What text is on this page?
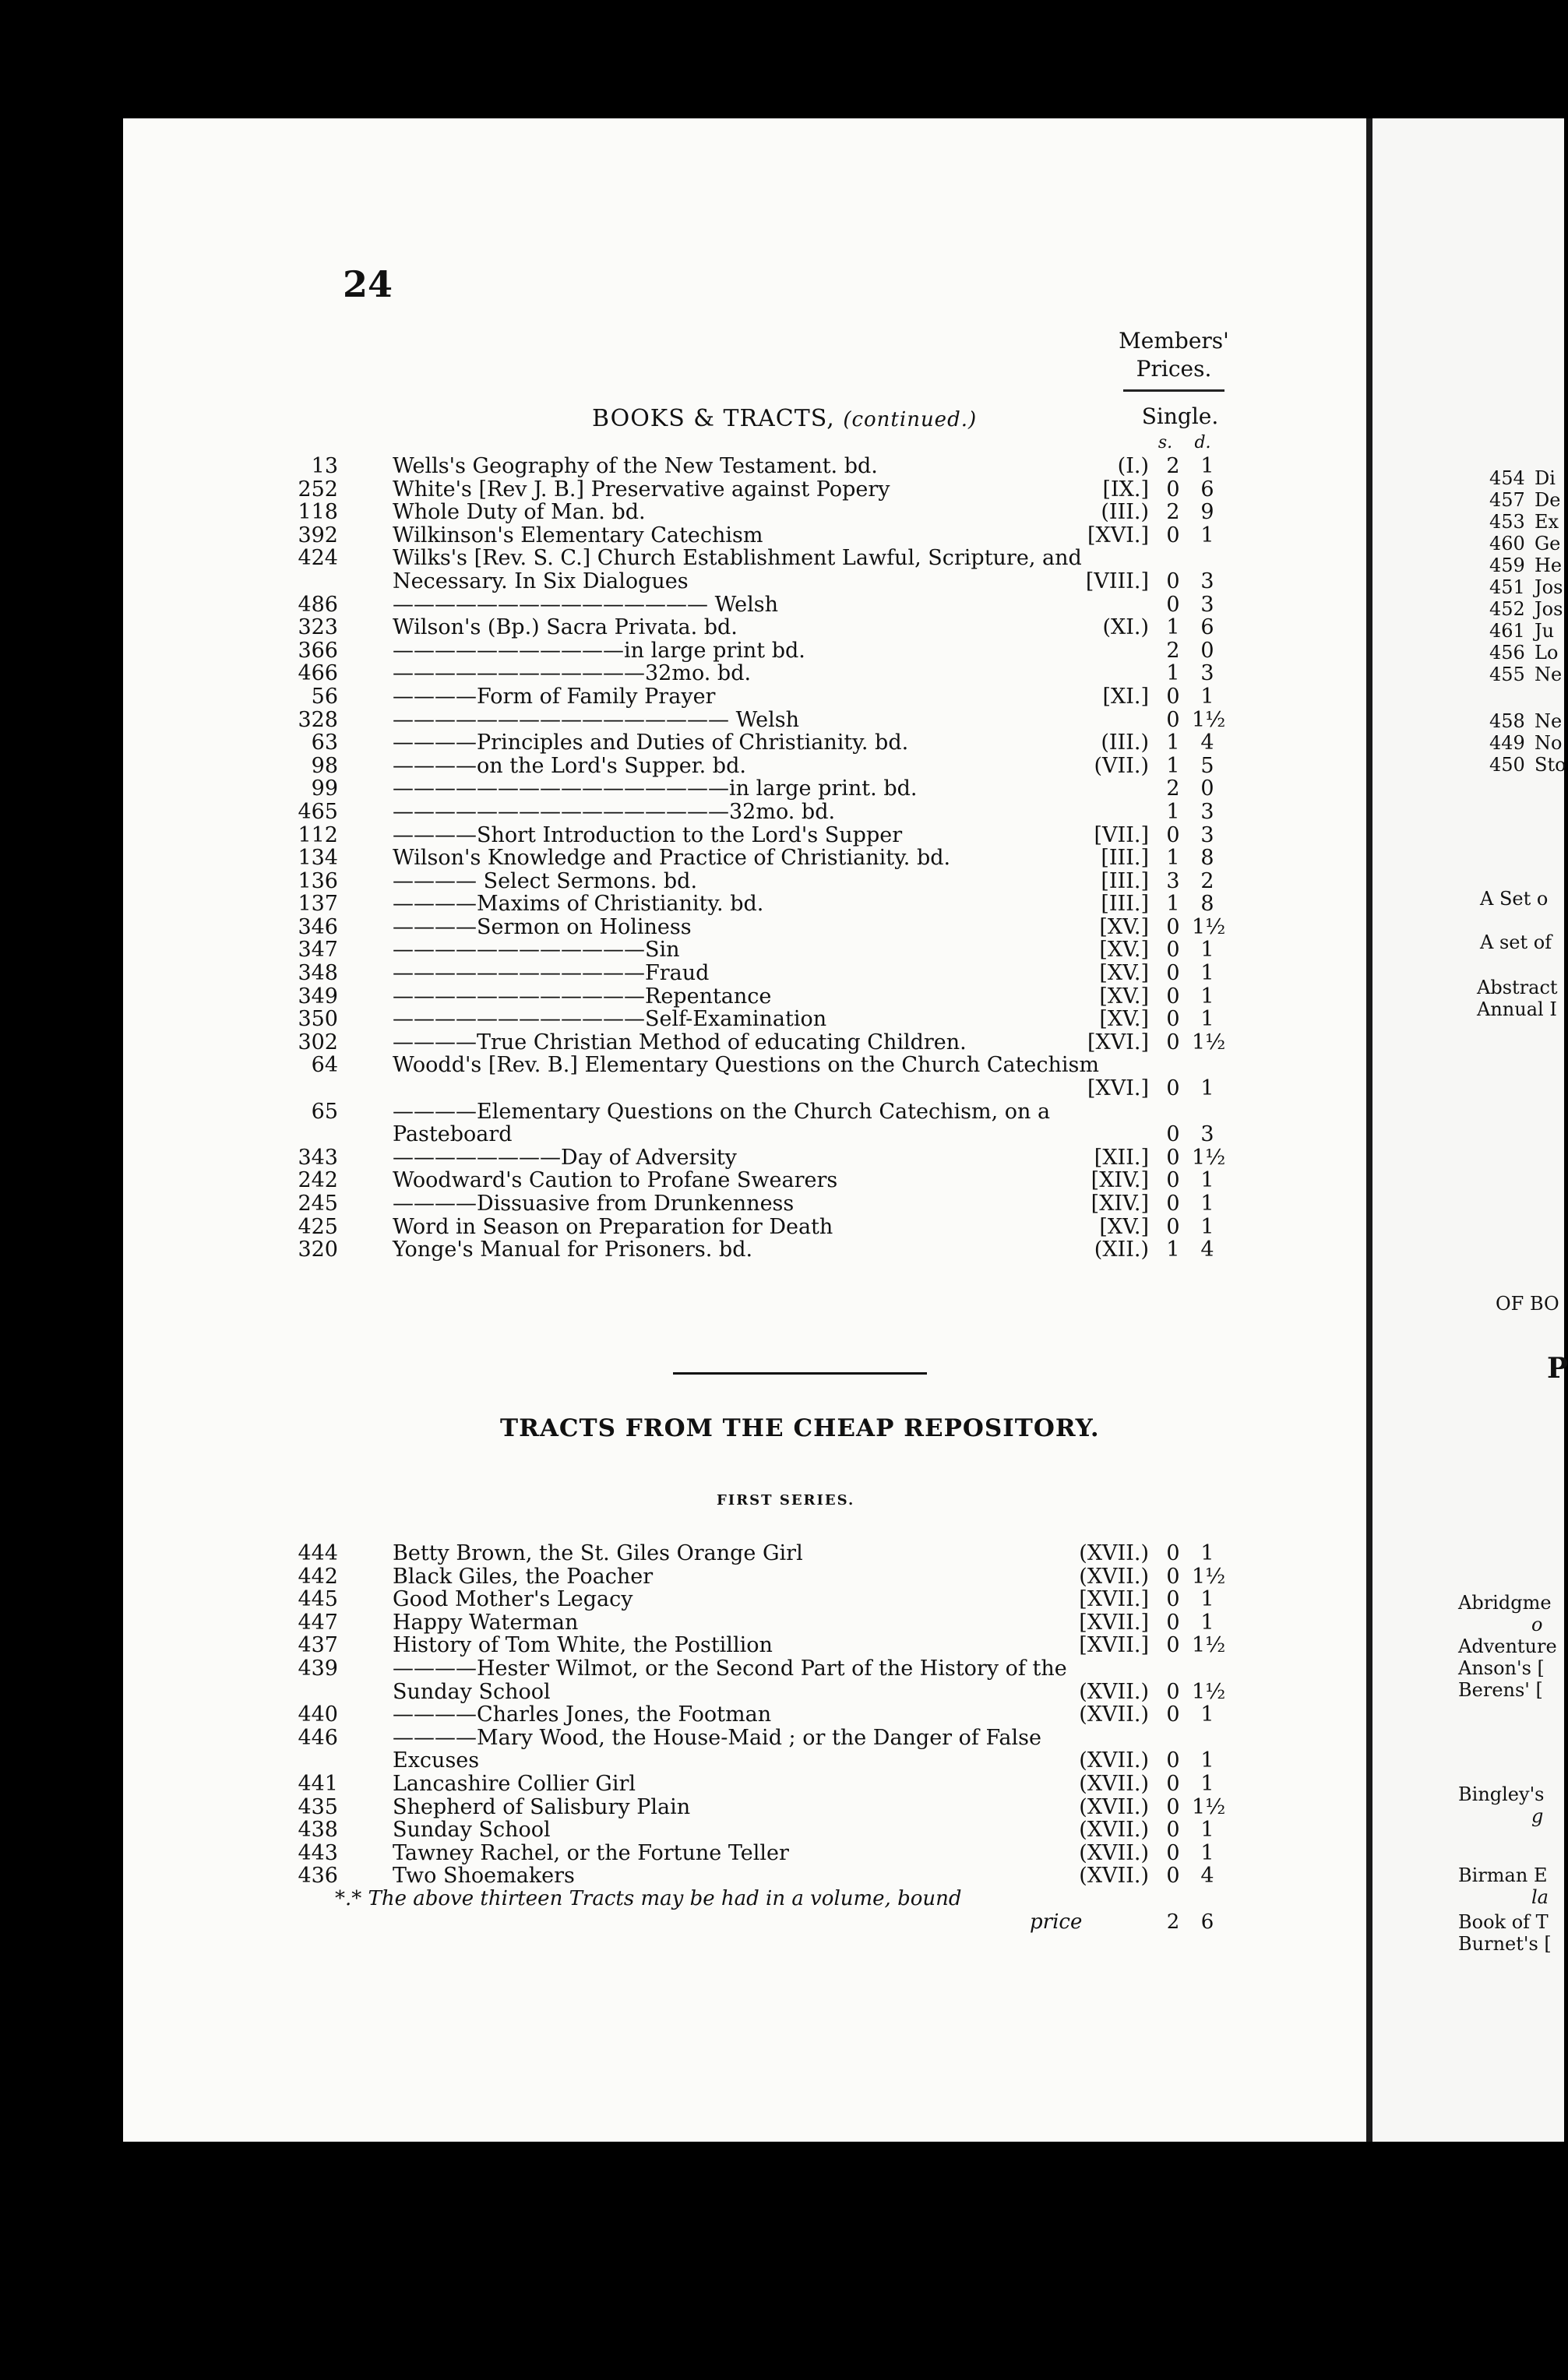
24
Members'
Prices.
BOOKS & TRACTS, (continued.)	Single.
s. d.
13	Wells's Geography of the New Testament. bd.	(I.) 2 1
252	White's [Rev J. B.] Preservative against Popery	[IX.] 0 6
118	Whole Duty of Man. bd.	(III.) 2 9
392	Wilkinson's Elementary Catechism	[XVI.] 0 1
424	Wilks's [Rev. S. C.] Church Establishment Lawful, Scripture, and
Necessary. In Six Dialogues	[VIII.] 0 3
486	——————————————— Welsh	0 3
323	Wilson's (Bp.) Sacra Privata. bd.	(XI.) 1 6
366	———————————in large print bd.	2 0
466	————————————32mo. bd.	1 3
56	————Form of Family Prayer	[XI.] 0 1
328	———————————————— Welsh	0 1½
63	————Principles and Duties of Christianity. bd.	(III.) 1 4
98	————on the Lord's Supper. bd.	(VII.) 1 5
99	————————————————in large print. bd.	2 0
465	————————————————32mo. bd.	1 3
112	————Short Introduction to the Lord's Supper	[VII.] 0 3
134	Wilson's Knowledge and Practice of Christianity. bd.	[III.] 1 8
136	———— Select Sermons. bd.	[III.] 3 2
137	————Maxims of Christianity. bd.	[III.] 1 8
346	————Sermon on Holiness	[XV.] 0 1½
347	————————————Sin	[XV.] 0 1
348	————————————Fraud	[XV.] 0 1
349	————————————Repentance	[XV.] 0 1
350	————————————Self-Examination	[XV.] 0 1
302	————True Christian Method of educating Children.	[XVI.] 0 1½
64	Woodd's [Rev. B.] Elementary Questions on the Church Catechism
[XVI.] 0 1
65	————Elementary Questions on the Church Catechism, on a
Pasteboard	0 3
343	————————Day of Adversity	[XII.] 0 1½
242	Woodward's Caution to Profane Swearers	[XIV.] 0 1
245	————Dissuasive from Drunkenness	[XIV.] 0 1
425	Word in Season on Preparation for Death	[XV.] 0 1
320	Yonge's Manual for Prisoners. bd.	(XII.) 1 4
TRACTS FROM THE CHEAP REPOSITORY.
FIRST SERIES.
444	Betty Brown, the St. Giles Orange Girl	(XVII.) 0 1
442	Black Giles, the Poacher	(XVII.) 0 1½
445	Good Mother's Legacy	[XVII.] 0 1
447	Happy Waterman	[XVII.] 0 1
437	History of Tom White, the Postillion	[XVII.] 0 1½
439	————Hester Wilmot, or the Second Part of the History of the
Sunday School	(XVII.) 0 1½
440	————Charles Jones, the Footman	(XVII.) 0 1
446	————Mary Wood, the House-Maid ; or the Danger of False
Excuses	(XVII.) 0 1
441	Lancashire Collier Girl	(XVII.) 0 1
435	Shepherd of Salisbury Plain	(XVII.) 0 1½
438	Sunday School	(XVII.) 0 1
443	Tawney Rachel, or the Fortune Teller	(XVII.) 0 1
436	Two Shoemakers	(XVII.) 0 4
*.* The above thirteen Tracts may be had in a volume, bound
price	2	6
454 Di
457 De
453 Ex
460 Ge
459 He
451 Jos
452 Jos
461 Ju
456 Lo
455 Ne
458 Ne
449 No
450 Sto
A Set o
A set of
Abstract
Annual I
OF BO
P
Abridgme
o
Adventure
Anson's [
Berens' [
Bingley's
g
Birman E
la
Book of T
Burnet's [
